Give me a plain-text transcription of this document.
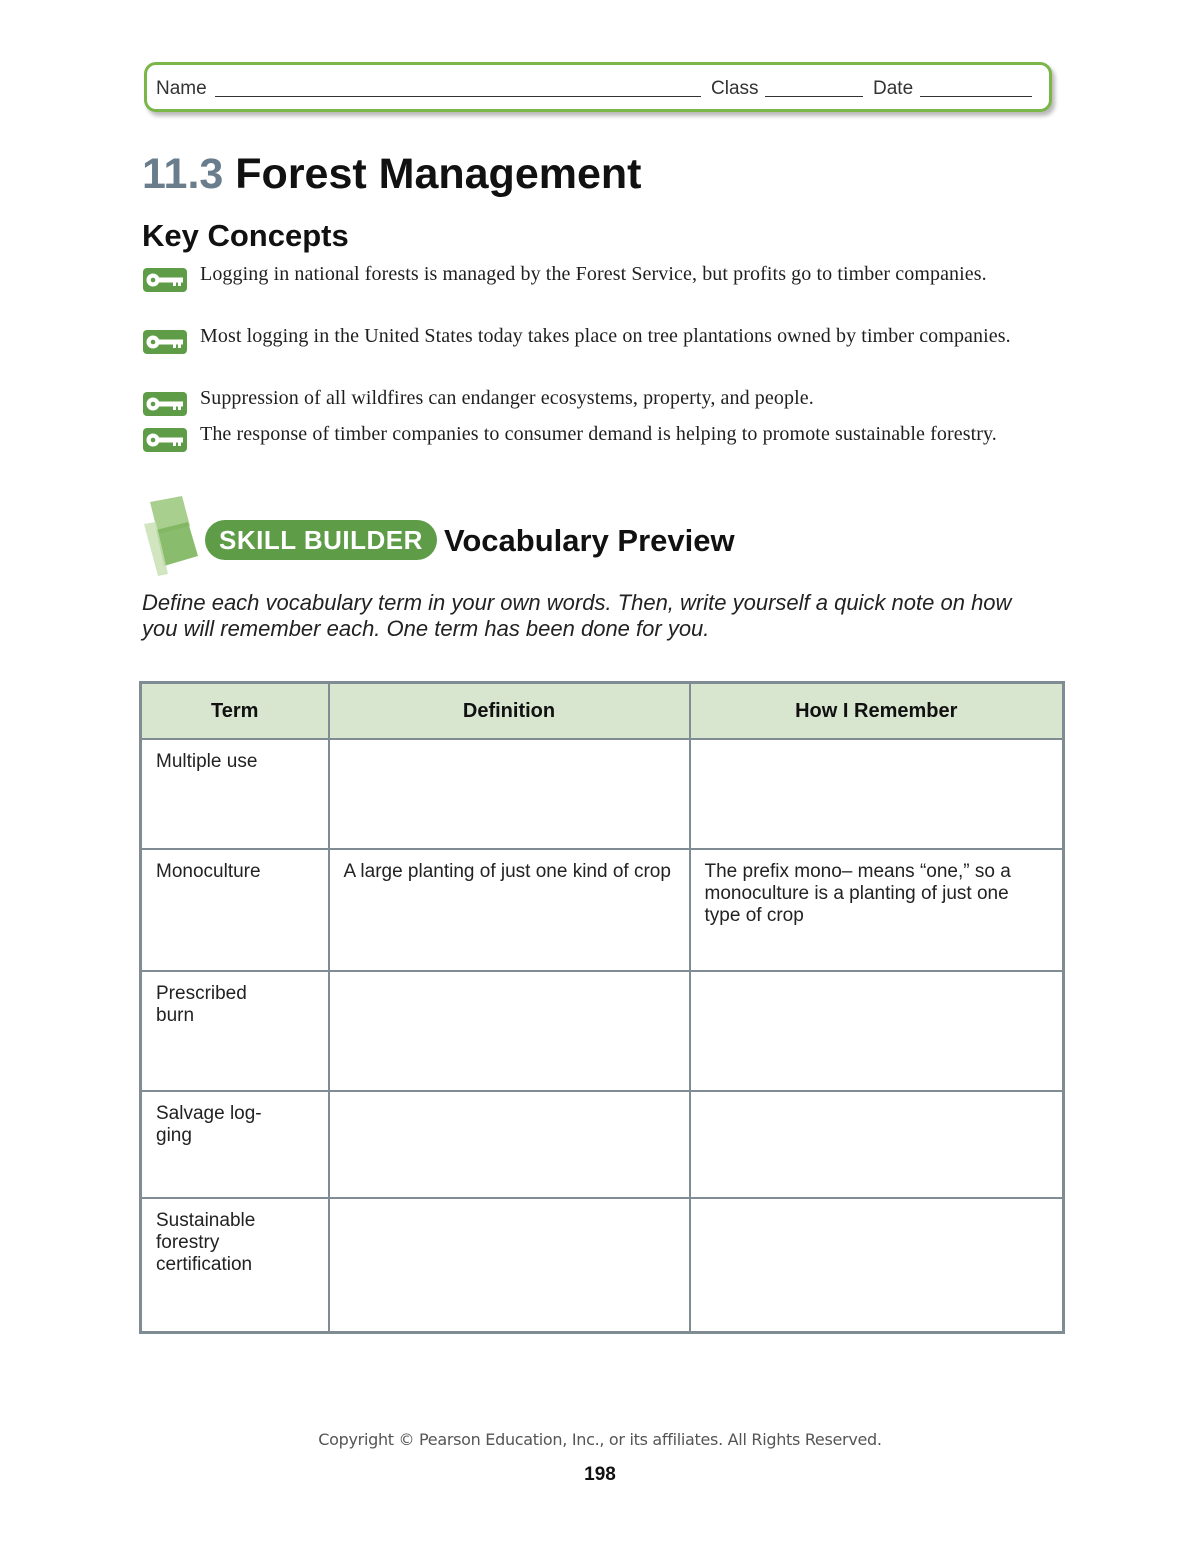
Name	Class	Date
11.3 Forest Management
Key Concepts
Logging in national forests is managed by the Forest Service, but profits go to timber companies.
Most logging in the United States today takes place on tree plantations owned by timber companies.
Suppression of all wildfires can endanger ecosystems, property, and people.
The response of timber companies to consumer demand is helping to promote sustainable forestry.
SKILL BUILDER Vocabulary Preview
Define each vocabulary term in your own words. Then, write yourself a quick note on how you will remember each. One term has been done for you.
Term	Definition	How I Remember
Multiple use		
Monoculture	A large planting of just one kind of crop	The prefix mono– means “one,” so a monoculture is a planting of just one type of crop
Prescribed burn		
Salvage log-ging		
Sustainable forestry certification		
Copyright © Pearson Education, Inc., or its affiliates. All Rights Reserved.
198
